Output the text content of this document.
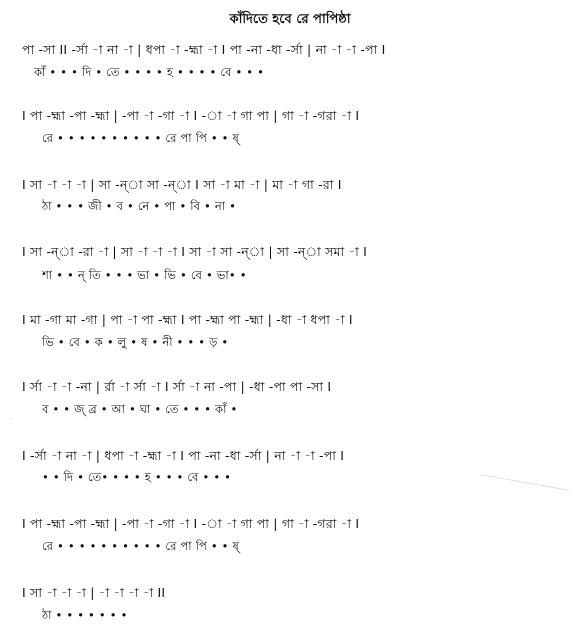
কাঁদিতে হবে রে পাপিষ্ঠা
পা -সা II -র্সা -া না -া | ধপা -া -হ্মা -া I পা -না -ধা -র্সা | না -া -া -পা I
কাঁ • • • দি • তে • • • • হ • • • • বে • • •
I পা -হ্মা -পা -হ্মা | -পা -া -গা -া I -া -া গা পা | গা -া -গরা -া I
রে • • • • • • • • • • রে পা পি • • ষ্
I সা -া -া -া | সা -ন্া সা -ন্া I সা -া মা -া | মা -া গা -রা I
ঠা • • • জী • ব • নে • পা • বি • না •
I সা -ন্া -রা -া | সা -া -া -া I সা -া সা -ন্া | সা -ন্া সমা -া I
শা • • ন্ তি • • • ভা • ভি • বে • ভা• •
I মা -গা মা -গা | পা -া পা -হ্মা I পা -হ্মা পা -হ্মা | -ধা -া ধপা -া I
ভি • বে • ক • লু • ষ • নী • • • ড় •
I র্সা -া -া -না | র্রা -া র্সা -া I র্সা -া না -পা | -ধা -পা পা -সা I
ব • • জ্ ব্র • আ • ঘা • তে • • • কাঁ •
I -র্সা -া না -া | ধপা -া -হ্মা -া I পা -না -ধা -র্সা | না -া -া -পা I
• • দি • তে• • • • হ • • • বে • • •
I পা -হ্মা -পা -হ্মা | -পা -া -গা -া I -া -া গা পা | গা -া -গরা -া I
রে • • • • • • • • • • রে পা পি • • ষ্
I সা -া -া -া | -া -া -া -া II
ঠা • • • • • • •
